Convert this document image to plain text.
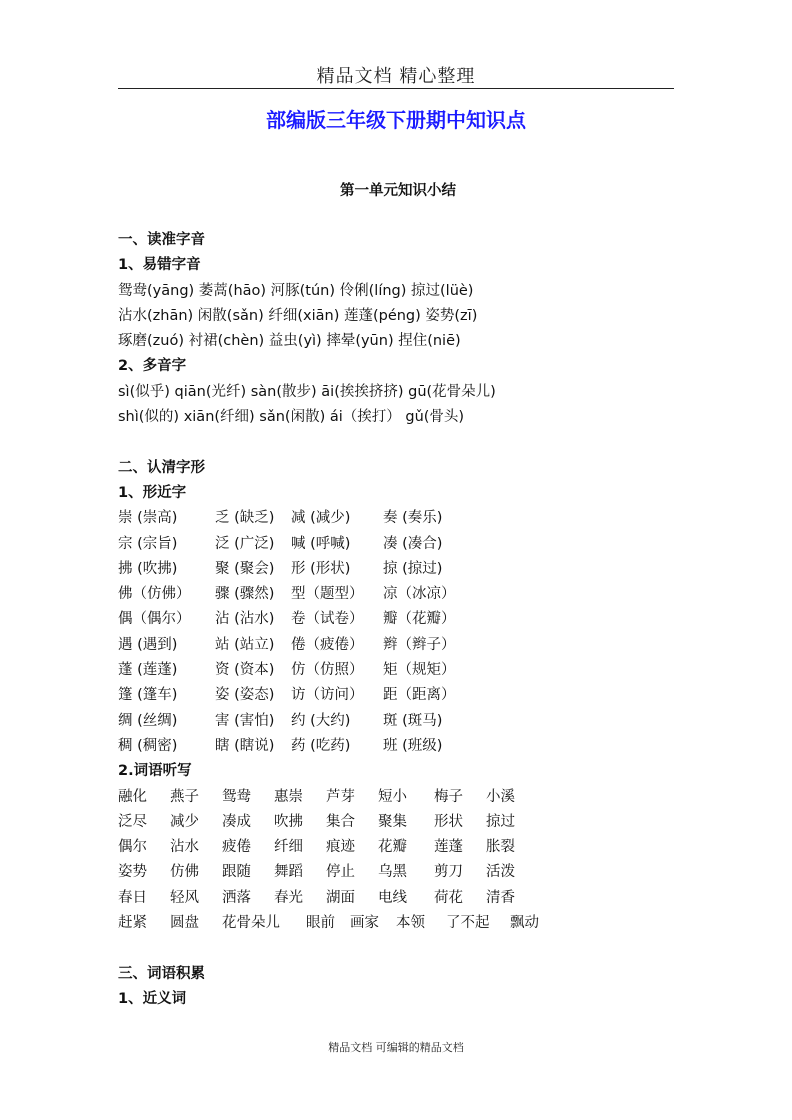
精品文档 精心整理
部编版三年级下册期中知识点
第一单元知识小结
一、读准字音
1、易错字音
鸳鸯(yāng) 萎蒿(hāo) 河豚(tún) 伶俐(líng) 掠过(lüè)
沾水(zhān) 闲散(sǎn) 纤细(xiān) 莲蓬(péng) 姿势(zī)
琢磨(zuó) 衬裙(chèn) 益虫(yì) 摔晕(yūn) 捏住(niē)
2、多音字
sì(似乎) qiān(光纤) sàn(散步) āi(挨挨挤挤) gū(花骨朵儿)
shì(似的) xiān(纤细) sǎn(闲散) ái（挨打） gǔ(骨头)
二、认清字形
1、形近字
崇 (崇高)	乏 (缺乏)	减 (减少)	奏 (奏乐)
宗 (宗旨)	泛 (广泛)	喊 (呼喊)	凑 (凑合)
拂 (吹拂)	聚 (聚会)	形 (形状)	掠 (掠过)
佛（仿佛）	骤 (骤然)	型（题型）	凉（冰凉）
偶（偶尔）	沾 (沾水)	卷（试卷）	瓣（花瓣）
遇 (遇到)	站 (站立)	倦（疲倦）	辫（辫子）
蓬 (莲蓬)	资 (资本)	仿（仿照）	矩（规矩）
篷 (篷车)	姿 (姿态)	访（访问）	距（距离）
绸 (丝绸)	害 (害怕)	约 (大约)	斑 (斑马)
稠 (稠密)	瞎 (瞎说)	药 (吃药)	班 (班级)
2.词语听写
融化	燕子	鸳鸯	惠崇	芦芽	短小	梅子	小溪
泛尽	减少	凑成	吹拂	集合	聚集	形状	掠过
偶尔	沾水	疲倦	纤细	痕迹	花瓣	莲蓬	胀裂
姿势	仿佛	跟随	舞蹈	停止	乌黑	剪刀	活泼
春日	轻风	洒落	春光	湖面	电线	荷花	清香
赶紧	圆盘	花骨朵儿	眼前	画家	本领	了不起	飘动
三、词语积累
1、近义词
精品文档 可编辑的精品文档
